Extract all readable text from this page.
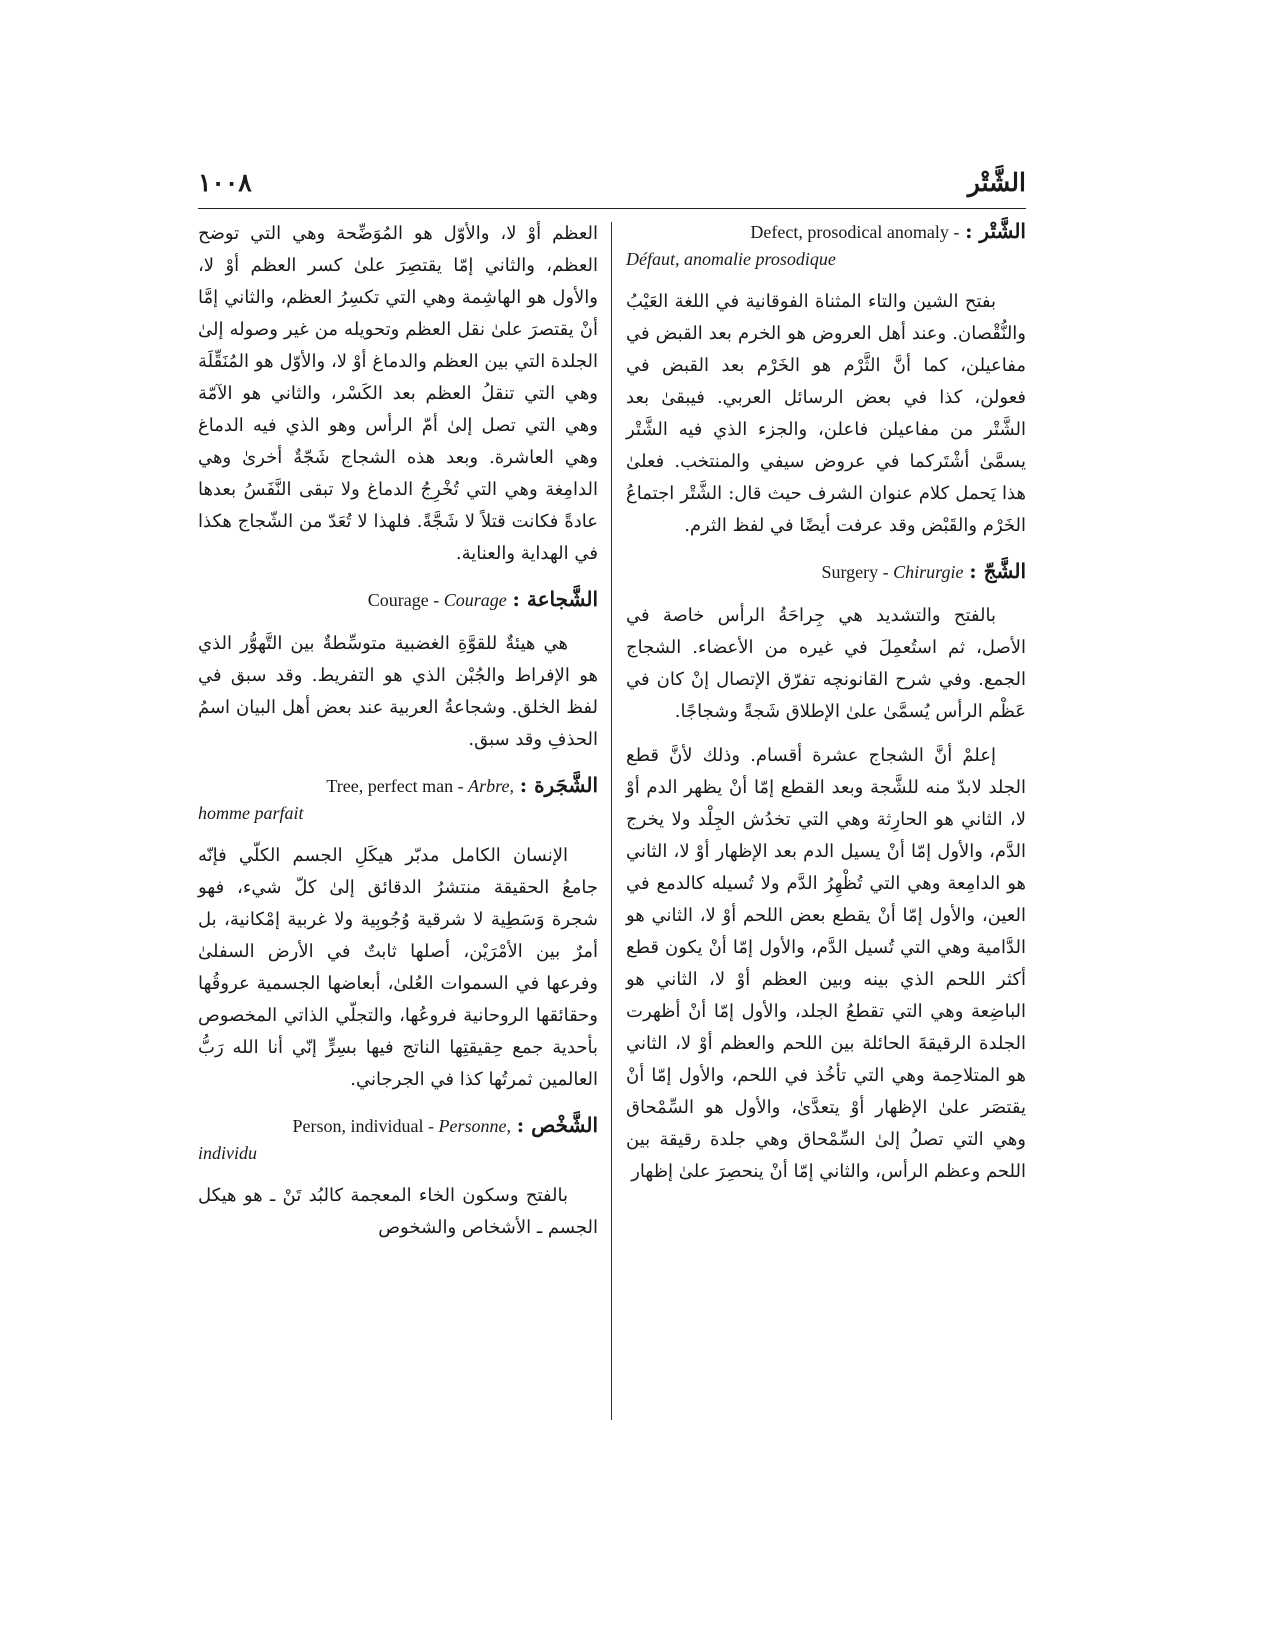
الشَّتْر
١٠٠٨
الشَّتْر : Defect, prosodical anomaly -
Défaut, anomalie prosodique

بفتح الشين والتاء المثناة الفوقانية في اللغة العَيْبُ والنُّقْصان. وعند أهل العروض هو الخرم بعد القبض في مفاعيلن، كما أنَّ الثَّرْم هو الخَرْم بعد القبض في فعولن، كذا في بعض الرسائل العربي. فيبقىٰ بعد الشَّتْر من مفاعيلن فاعلن، والجزء الذي فيه الشَّتْر يسمَّىٰ أشْتَركما في عروض سيفي والمنتخب. فعلىٰ هذا يَحمل كلام عنوان الشرف حيث قال: الشَّتْر اجتماعُ الخَرْم والقَبْض وقد عرفت أيضًا في لفظ الثرم.

الشَّجّ : Surgery - Chirurgie

بالفتح والتشديد هي جِراحَةُ الرأس خاصة في الأصل، ثم استُعمِلَ في غيره من الأعضاء. الشجاج الجمع. وفي شرح القانونچه تفرّق الإتصال إنْ كان في عَظْم الرأس يُسمَّىٰ علىٰ الإطلاق شَجةً وشجاجًا.

إعلمْ أنَّ الشجاج عشرة أقسام. وذلك لأنَّ قطع الجلد لابدّ منه للشَّجة وبعد القطع إمّا أنْ يظهر الدم أوْ لا، الثاني هو الحارِثة وهي التي تخدُش الجِلْد ولا يخرج الدَّم، والأول إمّا أنْ يسيل الدم بعد الإظهار أوْ لا، الثاني هو الدامِعة وهي التي تُظْهِرُ الدَّم ولا تُسيله كالدمع في العين، والأول إمّا أنْ يقطع بعض اللحم أوْ لا، الثاني هو الدَّامية وهي التي تُسيل الدَّم، والأول إمّا أنْ يكون قطع أكثر اللحم الذي بينه وبين العظم أوْ لا، الثاني هو الباضِعة وهي التي تقطعُ الجلد، والأول إمّا أنْ أظهرت الجلدة الرقيقةَ الحائلة بين اللحم والعظم أوْ لا، الثاني هو المتلاحِمة وهي التي تأخُذ في اللحم، والأول إمّا أنْ يقتصَر علىٰ الإظهار أوْ يتعدَّىٰ، والأول هو السِّمْحاق وهي التي تصلُ إلىٰ السِّمْحاق وهي جلدة رقيقة بين اللحم وعظم الرأس، والثاني إمّا أنْ ينحصِرَ علىٰ إظهار

العظم أوْ لا، والأوّل هو المُوَضِّحة وهي التي توضح العظم، والثاني إمّا يقتصِرَ علىٰ كسر العظم أوْ لا، والأول هو الهاشِمة وهي التي تكسِرُ العظم، والثاني إمَّا أنْ يقتصرَ علىٰ نقل العظم وتحويله من غير وصوله إلىٰ الجلدة التي بين العظم والدماغ أوْ لا، والأوّل هو المُنَقِّلَة وهي التي تنقلُ العظم بعد الكَسْر، والثاني هو الآمّة وهي التي تصل إلىٰ أمّ الرأس وهو الذي فيه الدماغ وهي العاشرة. وبعد هذه الشجاج شَجّةٌ أخرىٰ وهي الدامِغة وهي التي تُخْرِجُ الدماغ ولا تبقى النَّفَسُ بعدها عادةً فكانت قتلاً لا شَجَّةً. فلهذا لا تُعَدّ من الشّجاج هكذا في الهداية والعناية.

الشَّجاعة : Courage - Courage

هي هيئةٌ للقوَّةِ الغضبية متوسِّطةٌ بين التَّهوُّر الذي هو الإفراط والجُبْن الذي هو التفريط. وقد سبق في لفظ الخلق. وشجاعةُ العربية عند بعض أهل البيان اسمُ الحذفِ وقد سبق.

الشَّجَرة : Tree, perfect man - Arbre,
homme parfait

الإنسان الكامل مدبّر هيكَلِ الجسم الكلّي فإنّه جامعُ الحقيقة منتشرُ الدقائق إلىٰ كلّ شيء، فهو شجرة وَسَطِية لا شرقية وُجُوبِية ولا غربية إمْكانية، بل أمرٌ بين الأمْرَيْن، أصلها ثابتٌ في الأرض السفلىٰ وفرعها في السموات العُلىٰ، أبعاضها الجسمية عروقُها وحقائقها الروحانية فروعُها، والتجلّي الذاتي المخصوص بأحدية جمع حِقيقتِها الناتج فيها بسِرٍّ إنّي أنا الله رَبُّ العالمين ثمرتُها كذا في الجرجاني.

الشَّخْص : Person, individual - Personne,
individu

بالفتح وسكون الخاء المعجمة كالبُد تَنْ ـ هو هيكل الجسم ـ الأشخاص والشخوص
